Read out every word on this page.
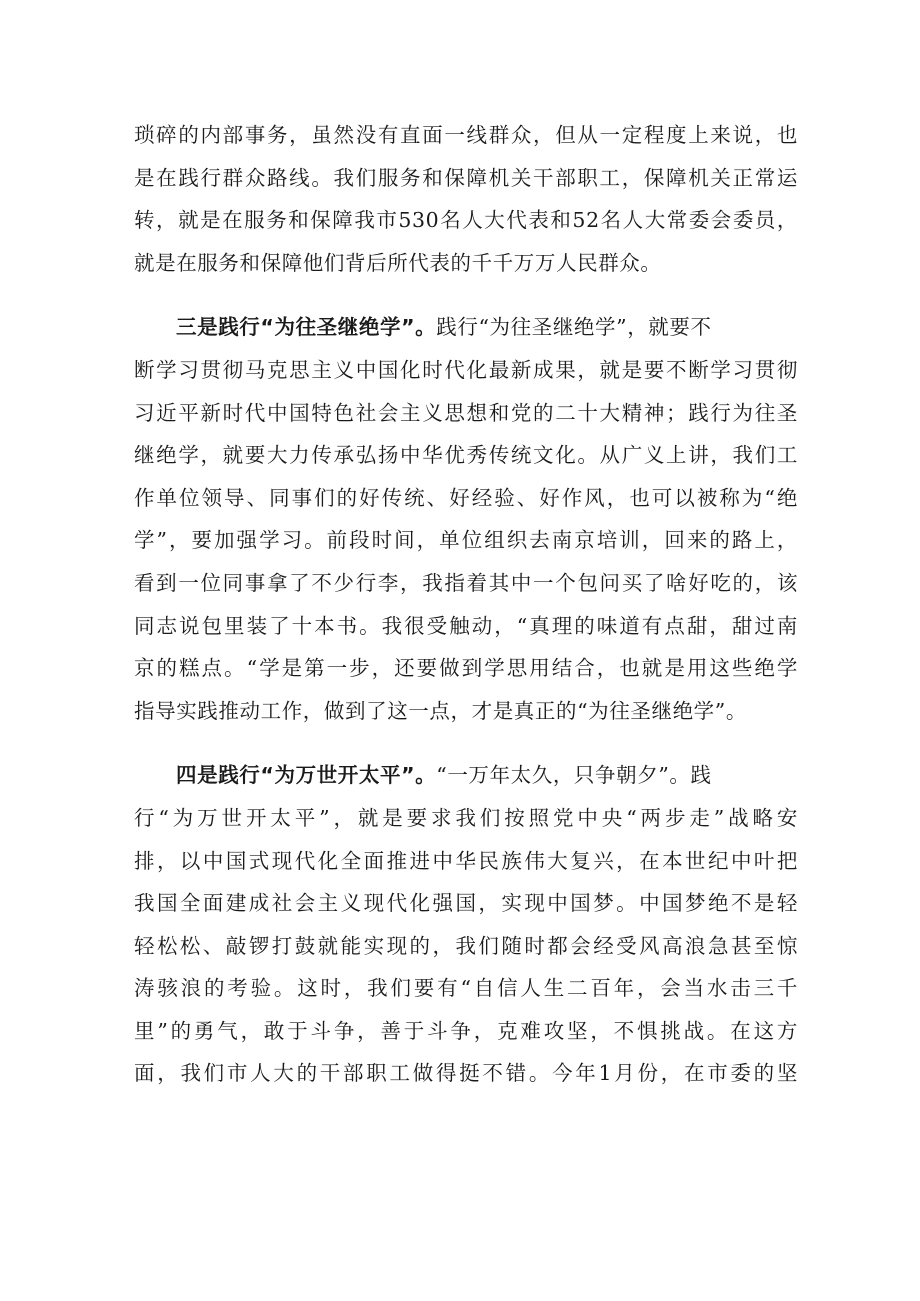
琐碎的内部事务，虽然没有直面一线群众，但从一定程度上来说，也
是在践行群众路线。我们服务和保障机关干部职工，保障机关正常运
转，就是在服务和保障我市530名人大代表和52名人大常委会委员，
就是在服务和保障他们背后所代表的千千万万人民群众。
三是践行“为往圣继绝学”。践行“为往圣继绝学”，就要不
断学习贯彻马克思主义中国化时代化最新成果，就是要不断学习贯彻
习近平新时代中国特色社会主义思想和党的二十大精神；践行为往圣
继绝学，就要大力传承弘扬中华优秀传统文化。从广义上讲，我们工
作单位领导、同事们的好传统、好经验、好作风，也可以被称为“绝
学”，要加强学习。前段时间，单位组织去南京培训，回来的路上，
看到一位同事拿了不少行李，我指着其中一个包问买了啥好吃的，该
同志说包里装了十本书。我很受触动，“真理的味道有点甜，甜过南
京的糕点。“学是第一步，还要做到学思用结合，也就是用这些绝学
指导实践推动工作，做到了这一点，才是真正的“为往圣继绝学”。
四是践行“为万世开太平”。“一万年太久，只争朝夕”。践
行“为万世开太平”，就是要求我们按照党中央“两步走”战略安
排，以中国式现代化全面推进中华民族伟大复兴，在本世纪中叶把
我国全面建成社会主义现代化强国，实现中国梦。中国梦绝不是轻
轻松松、敲锣打鼓就能实现的，我们随时都会经受风高浪急甚至惊
涛骇浪的考验。这时，我们要有“自信人生二百年，会当水击三千
里”的勇气，敢于斗争，善于斗争，克难攻坚，不惧挑战。在这方
面，我们市人大的干部职工做得挺不错。今年1月份，在市委的坚
